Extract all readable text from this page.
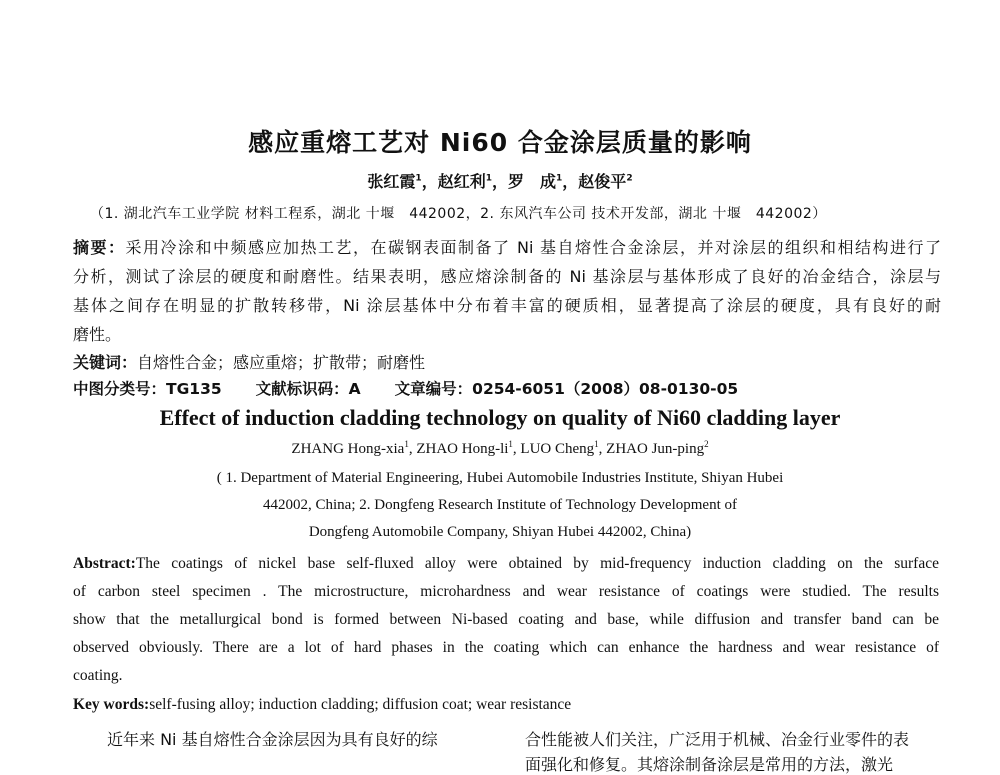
感应重熔工艺对 Ni60 合金涂层质量的影响
张红霞$^1$，赵红利$^1$，罗　成$^1$，赵俊平$^2$
（1. 湖北汽车工业学院 材料工程系，湖北 十堰　442002，2. 东风汽车公司 技术开发部，湖北 十堰　442002）
摘要：采用冷涂和中频感应加热工艺，在碳钢表面制备了 Ni 基自熔性合金涂层，并对涂层的组织和相结构进行了
分析，测试了涂层的硬度和耐磨性。结果表明，感应熔涂制备的 Ni 基涂层与基体形成了良好的冶金结合，涂层与
基体之间存在明显的扩散转移带，Ni 涂层基体中分布着丰富的硬质相，显著提高了涂层的硬度，具有良好的耐
磨性。
关键词：自熔性合金；感应重熔；扩散带；耐磨性
中图分类号：TG135 文献标识码：A 文章编号：0254-6051（2008）08-0130-05
Effect of induction cladding technology on quality of Ni60 cladding layer
ZHANG Hong-xia$^1$, ZHAO Hong-$li^1$, LUO Cheng$^1$, ZHAO Jun-ping$^2$
( 1. Department of Material Engineering, Hubei Automobile Industries Institute, Shiyan Hubei
442002, China; 2. Dongfeng Research Institute of Technology Development of
Dongfeng Automobile Company, Shiyan Hubei 442002, China)
Abstract:The coatings of nickel base self-fluxed alloy were obtained by mid-frequency induction cladding on the surface
of carbon steel specimen . The microstructure, microhardness and wear resistance of coatings were studied. The results
show that the metallurgical bond is formed between Ni-based coating and base, while diffusion and transfer band can be
observed obviously. There are a lot of hard phases in the coating which can enhance the hardness and wear resistance of
coating.
Key words:self-fusing alloy; induction cladding; diffusion coat; wear resistance
近年来 Ni 基自熔性合金涂层因为具有良好的综	合性能被人们关注，广泛用于机械、冶金行业零件的表
面强化和修复。其熔涂制备涂层是常用的方法，激光
